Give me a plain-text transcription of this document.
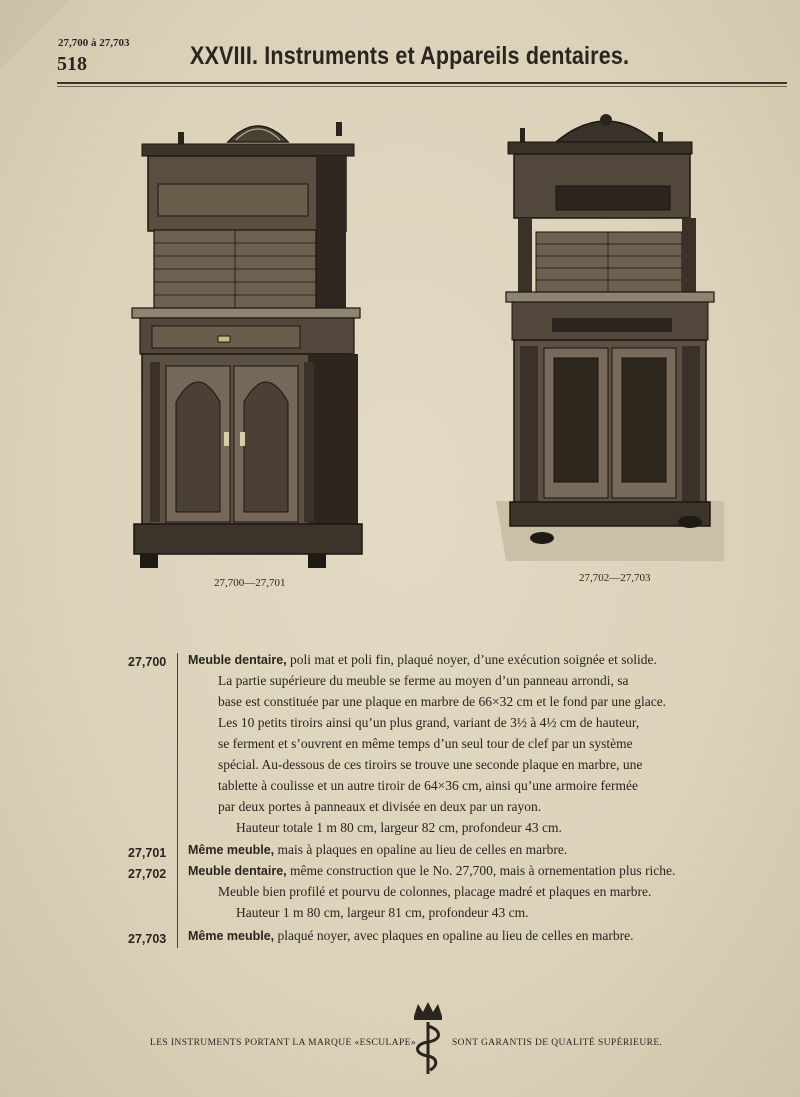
27,700 à 27,703
518	XXVIII. Instruments et Appareils dentaires.
27,700—27,701	27,702—27,703
27,700 Meuble dentaire, poli mat et poli fin, plaqué noyer, d’une exécution soignée et solide.
La partie supérieure du meuble se ferme au moyen d’un panneau arrondi, sa
base est constituée par une plaque en marbre de 66×32 cm et le fond par une glace.
Les 10 petits tiroirs ainsi qu’un plus grand, variant de 3½ à 4½ cm de hauteur,
se ferment et s’ouvrent en même temps d’un seul tour de clef par un système
spécial. Au-dessous de ces tiroirs se trouve une seconde plaque en marbre, une
tablette à coulisse et un autre tiroir de 64×36 cm, ainsi qu’une armoire fermée
par deux portes à panneaux et divisée en deux par un rayon.
Hauteur totale 1 m 80 cm, largeur 82 cm, profondeur 43 cm.
27,701 Même meuble, mais à plaques en opaline au lieu de celles en marbre.
27,702 Meuble dentaire, même construction que le No. 27,700, mais à ornementation plus riche.
Meuble bien profilé et pourvu de colonnes, placage madré et plaques en marbre.
Hauteur 1 m 80 cm, largeur 81 cm, profondeur 43 cm.
27,703 Même meuble, plaqué noyer, avec plaques en opaline au lieu de celles en marbre.
LES INSTRUMENTS PORTANT LA MARQUE «ESCULAPE»	SONT GARANTIS DE QUALITÉ SUPÉRIEURE.
